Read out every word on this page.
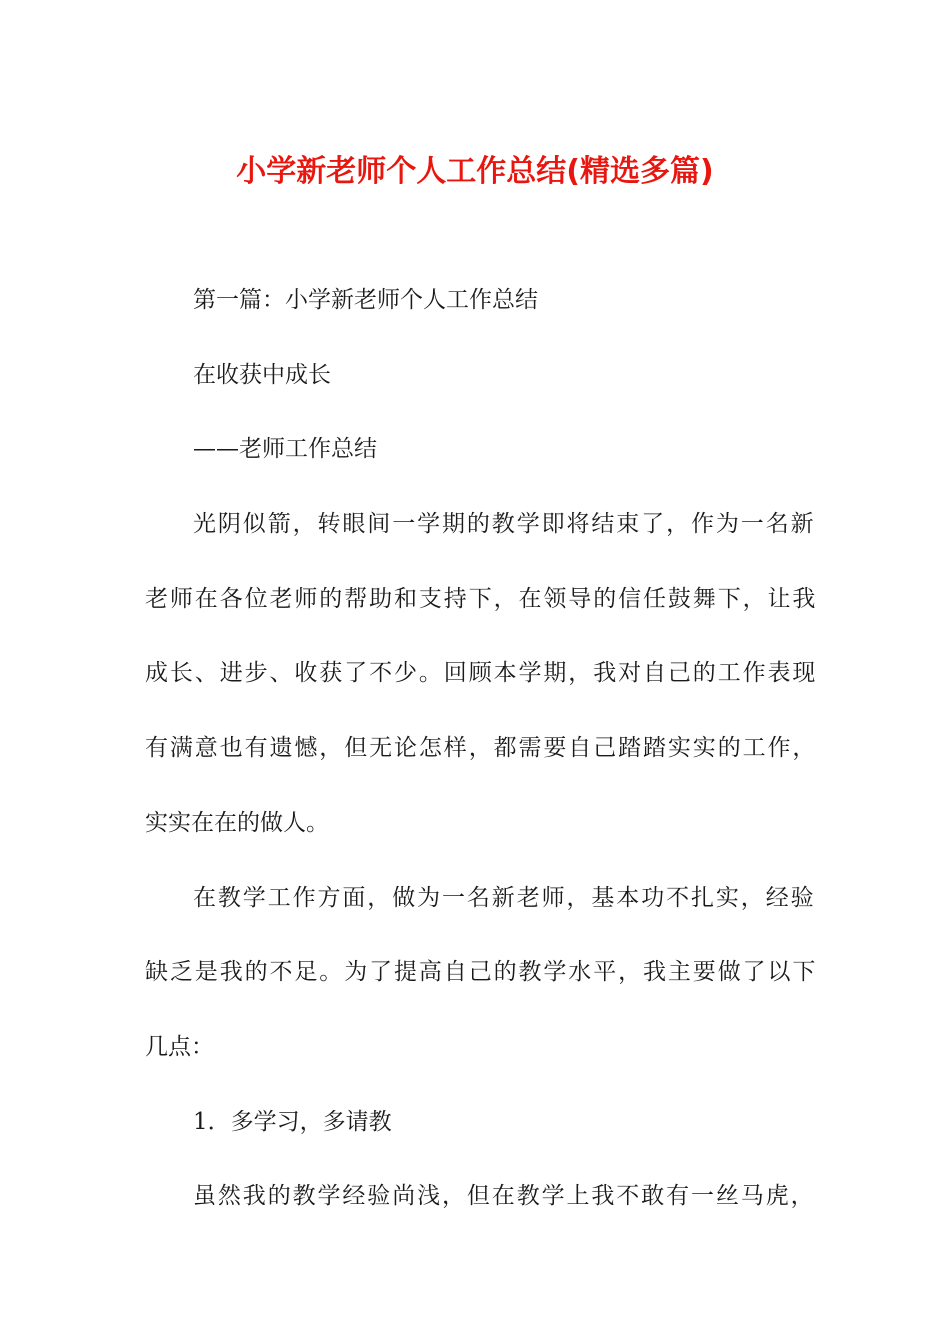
小学新老师个人工作总结(精选多篇)

第一篇：小学新老师个人工作总结

在收获中成长

——老师工作总结

光阴似箭，转眼间一学期的教学即将结束了，作为一名新

老师在各位老师的帮助和支持下，在领导的信任鼓舞下，让我

成长、进步、收获了不少。回顾本学期，我对自己的工作表现

有满意也有遗憾，但无论怎样，都需要自己踏踏实实的工作，

实实在在的做人。

在教学工作方面，做为一名新老师，基本功不扎实，经验

缺乏是我的不足。为了提高自己的教学水平，我主要做了以下

几点：

1．多学习，多请教

虽然我的教学经验尚浅，但在教学上我不敢有一丝马虎，
